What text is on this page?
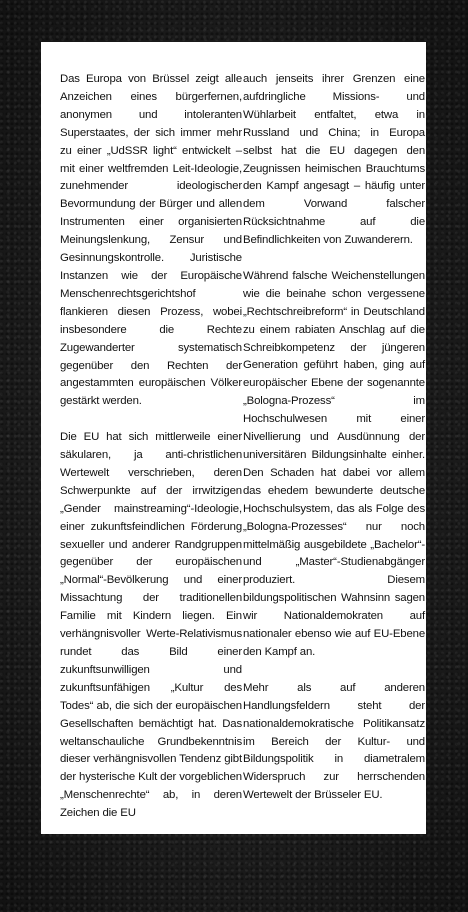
Das Europa von Brüssel zeigt alle Anzeichen eines bürgerfernen, anonymen und intoleranten Superstaates, der sich immer mehr zu einer „UdSSR light“ entwickelt – mit einer weltfremden Leit-Ideologie, zunehmender ideologischer Bevormundung der Bürger und allen Instrumenten einer organisierten Meinungslenkung, Zensur und Gesinnungskontrolle. Juristische Instanzen wie der Europäische Menschenrechtsgerichtshof flankieren diesen Prozess, wobei insbesondere die Rechte Zugewanderter systematisch gegenüber den Rechten der angestammten europäischen Völker gestärkt werden.

Die EU hat sich mittlerweile einer säkularen, ja anti-christlichen Wertewelt verschrieben, deren Schwerpunkte auf der irrwitzigen „Gender mainstreaming“-Ideologie, einer zukunftsfeindlichen Förderung sexueller und anderer Randgruppen gegenüber der europäischen „Normal“-Bevölkerung und einer Missachtung der traditionellen Familie mit Kindern liegen. Ein verhängnisvoller Werte-Relativismus rundet das Bild einer zukunftsunwilligen und zukunftsunfähigen „Kultur des Todes“ ab, die sich der europäischen Gesellschaften bemächtigt hat. Das weltanschauliche Grundbekenntnis dieser verhängnisvollen Tendenz gibt der hysterische Kult der vorgeblichen „Menschenrechte“ ab, in deren Zeichen die EU

auch jenseits ihrer Grenzen eine aufdringliche Missions- und Wühlarbeit entfaltet, etwa in Russland und China; in Europa selbst hat die EU dagegen den Zeugnissen heimischen Brauchtums den Kampf angesagt – häufig unter dem Vorwand falscher Rücksichtnahme auf die Befindlichkeiten von Zuwanderern.

Während falsche Weichenstellungen wie die beinahe schon vergessene „Rechtschreibreform“ in Deutschland zu einem rabiaten Anschlag auf die Schreibkompetenz der jüngeren Generation geführt haben, ging auf europäischer Ebene der sogenannte „Bologna-Prozess“ im Hochschulwesen mit einer Nivellierung und Ausdünnung der universitären Bildungsinhalte einher. Den Schaden hat dabei vor allem das ehedem bewunderte deutsche Hochschulsystem, das als Folge des „Bologna-Prozesses“ nur noch mittelmäßig ausgebildete „Bachelor“- und „Master“-Studienabgänger produziert. Diesem bildungspolitischen Wahnsinn sagen wir Nationaldemokraten auf nationaler ebenso wie auf EU-Ebene den Kampf an.

Mehr als auf anderen Handlungsfeldern steht der nationaldemokratische Politikansatz im Bereich der Kultur- und Bildungspolitik in diametralem Widerspruch zur herrschenden Wertewelt der Brüsseler EU.
